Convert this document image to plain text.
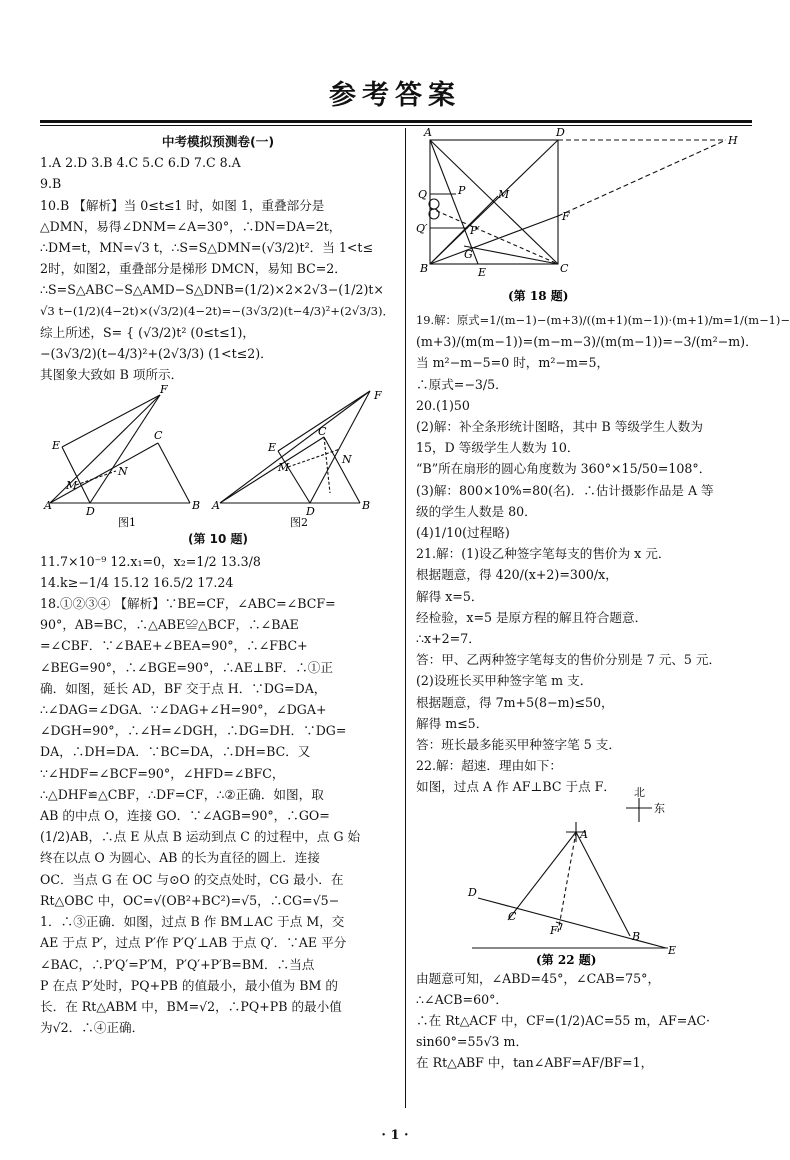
参考答案
中考模拟预测卷(一)
1.A 2.D 3.B 4.C 5.C 6.D 7.C 8.A
9.B
10.B 【解析】当 0≤t≤1 时，如图 1，重叠部分是
△DMN，易得∠DNM=∠A=30°，∴DN=DA=2t，
∴DM=t，MN=√3 t，∴S=S△DMN=(√3/2)t²．当 1<t≤
2时，如图2，重叠部分是梯形 DMCN，易知 BC=2．
∴S=S△ABC−S△AMD−S△DNB=(1/2)×2×2√3−(1/2)t×
√3 t−(1/2)(4−2t)×(√3/2)(4−2t)=−(3√3/2)(t−4/3)²+(2√3/3)．
综上所述，S= { (√3/2)t² (0≤t≤1)，
−(3√3/2)(t−4/3)²+(2√3/3) (1<t≤2)．
其图象大致如 B 项所示．
A	D	B
E
F
C
N
M
A	D	B
E
F
C
N
M
图1	图2
(第 10 题)
11.7×10⁻⁹ 12.x₁=0，x₂=1/2 13.3/8
14.k≥−1/4 15.12 16.5/2 17.24
18.①②③④ 【解析】∵BE=CF，∠ABC=∠BCF=
90°，AB=BC，∴△ABE≌△BCF，∴∠BAE
=∠CBF．∵∠BAE+∠BEA=90°，∴∠FBC+
∠BEG=90°，∴∠BGE=90°，∴AE⊥BF．∴①正
确．如图，延长 AD，BF 交于点 H．∵DG=DA，
∴∠DAG=∠DGA．∵∠DAG+∠H=90°，∠DGA+
∠DGH=90°，∴∠H=∠DGH，∴DG=DH．∵DG=
DA，∴DH=DA．∵BC=DA，∴DH=BC．又
∵∠HDF=∠BCF=90°，∠HFD=∠BFC，
∴△DHF≌△CBF，∴DF=CF，∴②正确．如图，取
AB 的中点 O，连接 GO．∵∠AGB=90°，∴GO=
(1/2)AB，∴点 E 从点 B 运动到点 C 的过程中，点 G 始
终在以点 O 为圆心、AB 的长为直径的圆上．连接
OC．当点 G 在 OC 与⊙O 的交点处时，CG 最小．在
Rt△OBC 中，OC=√(OB²+BC²)=√5，∴CG=√5−
1．∴③正确．如图，过点 B 作 BM⊥AC 于点 M，交
AE 于点 P′，过点 P′作 P′Q′⊥AB 于点 Q′．∵AE 平分
∠BAC，∴P′Q′=P′M，P′Q′+P′B=BM．∴当点
P 在点 P′处时，PQ+PB 的值最小，最小值为 BM 的
长．在 Rt△ABM 中，BM=√2，∴PQ+PB 的最小值
为√2．∴④正确．
A	D
H
P	M
Q
P′
Q′
F
G
B	E	C
(第 18 题)
19.解：原式=1/(m−1)−(m+3)/((m+1)(m−1))·(m+1)/m=1/(m−1)−
(m+3)/(m(m−1))=(m−m−3)/(m(m−1))=−3/(m²−m)．
当 m²−m−5=0 时，m²−m=5，
∴原式=−3/5．
20.(1)50
(2)解：补全条形统计图略，其中 B 等级学生人数为
15，D 等级学生人数为 10．
“B”所在扇形的圆心角度数为 360°×15/50=108°．
(3)解：800×10%=80(名)．∴估计摄影作品是 A 等
级的学生人数是 80．
(4)1/10(过程略)
21.解：(1)设乙种签字笔每支的售价为 x 元．
根据题意，得 420/(x+2)=300/x，
解得 x=5．
经检验，x=5 是原方程的解且符合题意．
∴x+2=7．
答：甲、乙两种签字笔每支的售价分别是 7 元、5 元．
(2)设班长买甲种签字笔 m 支．
根据题意，得 7m+5(8−m)≤50，
解得 m≤5．
答：班长最多能买甲种签字笔 5 支．
22.解：超速．理由如下：
如图，过点 A 作 AF⊥BC 于点 F．
A
D
C
F	B
E
北
东
(第 22 题)
由题意可知，∠ABD=45°，∠CAB=75°，
∴∠ACB=60°．
∴在 Rt△ACF 中，CF=(1/2)AC=55 m，AF=AC·
sin60°=55√3 m．
在 Rt△ABF 中，tan∠ABF=AF/BF=1，
· 1 ·
